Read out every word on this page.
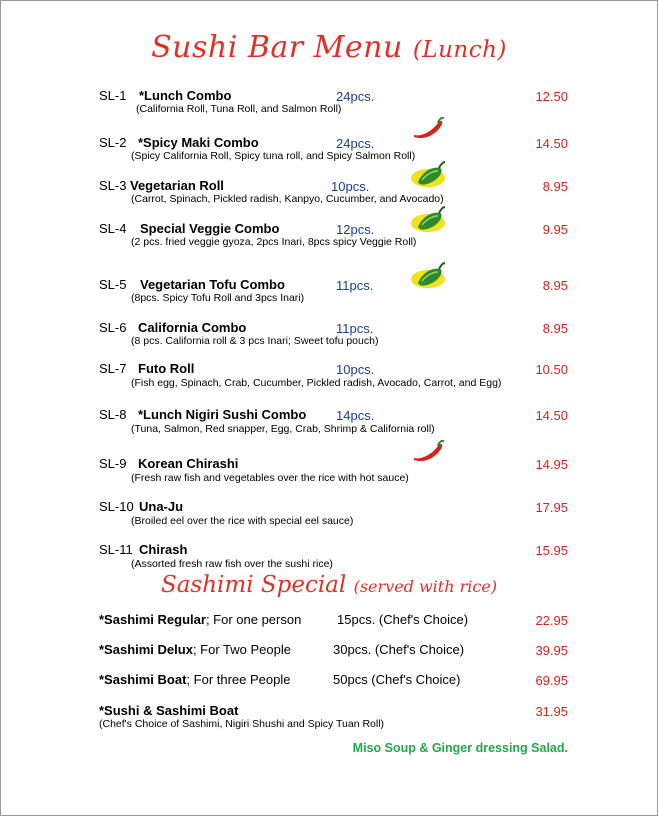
Sushi Bar Menu (Lunch)
SL-1 *Lunch Combo	24pcs.	12.50
(California Roll, Tuna Roll, and Salmon Roll)
SL-2 *Spicy Maki Combo	24pcs.	14.50
(Spicy California Roll, Spicy tuna roll, and Spicy Salmon Roll)
SL-3 Vegetarian Roll	10pcs.	8.95
(Carrot, Spinach, Pickled radish, Kanpyo, Cucumber, and Avocado)
SL-4 Special Veggie Combo	12pcs.	9.95
(2 pcs. fried veggie gyoza, 2pcs Inari, 8pcs spicy Veggie Roll)
SL-5 Vegetarian Tofu Combo	11pcs.	8.95
(8pcs. Spicy Tofu Roll and 3pcs Inari)
SL-6 California Combo	11pcs.	8.95
(8 pcs. California roll & 3 pcs Inari; Sweet tofu pouch)
SL-7 Futo Roll	10pcs.	10.50
(Fish egg, Spinach, Crab, Cucumber, Pickled radish, Avocado, Carrot, and Egg)
SL-8 *Lunch Nigiri Sushi Combo 14pcs.	14.50
(Tuna, Salmon, Red snapper, Egg, Crab, Shrimp & California roll)
SL-9 Korean Chirashi	14.95
(Fresh raw fish and vegetables over the rice with hot sauce)
SL-10 Una-Ju	17.95
(Broiled eel over the rice with special eel sauce)
SL-11 Chirash	15.95
(Assorted fresh raw fish over the sushi rice)
Sashimi Special (served with rice)
*Sashimi Regular; For one person	15pcs. (Chef's Choice)	22.95
*Sashimi Delux; For Two People	30pcs. (Chef's Choice)	39.95
*Sashimi Boat; For three People	50pcs (Chef's Choice)	69.95
*Sushi & Sashimi Boat	31.95
(Chef's Choice of Sashimi, Nigiri Shushi and Spicy Tuan Roll)
Miso Soup & Ginger dressing Salad.
